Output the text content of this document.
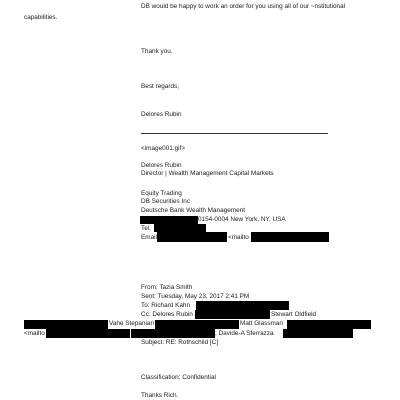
DB would be happy to work an order for you using all of our ~nstitutional
capabilities.
Thank you.
Best regards,
Delores Rubin
<image001.gif>
Delores Rubin
Director | Wealth Management Capital Markets
Equity Trading
DB Securities Inc
Deutsche Bank Wealth Management
0154-0004 New York, NY, USA
Tel.
Email	<mailto
From: Tazia Smith
Sent: Tuesday, May 23, 2017 2:41 PM
To: Richard Kahn
Cc: Delores Rubin	Stewart Oldfield
Vahe Stepanian	Matt Glassman
<mailto	; Davide-A Sferrazza
Subject: RE: Rothschild [C]
Classification: Confidential
Thanks Rich.
